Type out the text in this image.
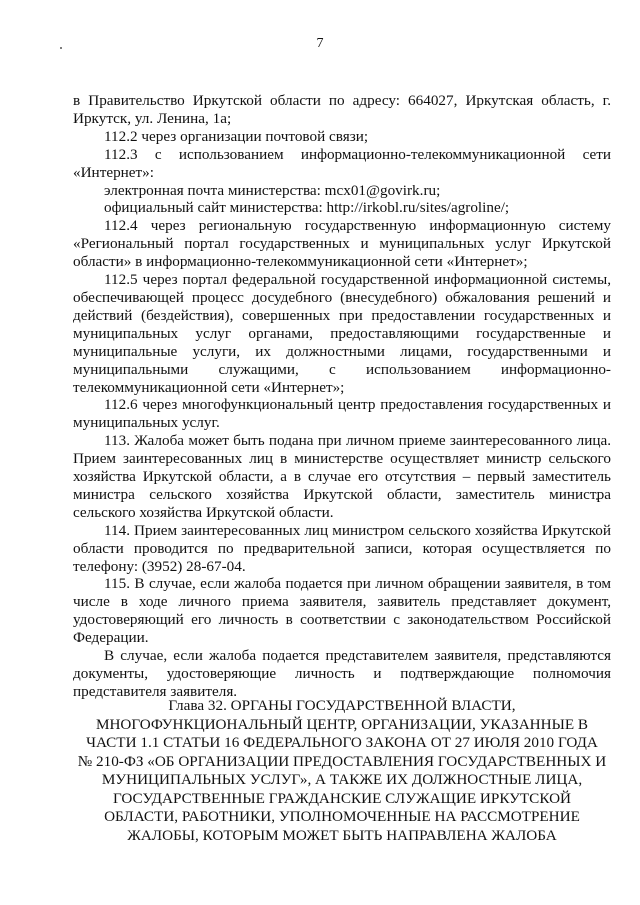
7

в Правительство Иркутской области по адресу: 664027, Иркутская область, г. Иркутск, ул. Ленина, 1а;

112.2 через организации почтовой связи;

112.3 с использованием информационно-телекоммуникационной сети «Интернет»:

электронная почта министерства: mcx01@govirk.ru;

официальный сайт министерства: http://irkobl.ru/sites/agroline/;

112.4 через региональную государственную информационную систему «Региональный портал государственных и муниципальных услуг Иркутской области» в информационно-телекоммуникационной сети «Интернет»;

112.5 через портал федеральной государственной информационной системы, обеспечивающей процесс досудебного (внесудебного) обжалования решений и действий (бездействия), совершенных при предоставлении государственных и муниципальных услуг органами, предоставляющими государственные и муниципальные услуги, их должностными лицами, государственными и муниципальными служащими, с использованием информационно-телекоммуникационной сети «Интернет»;

112.6 через многофункциональный центр предоставления государственных и муниципальных услуг.

113. Жалоба может быть подана при личном приеме заинтересованного лица. Прием заинтересованных лиц в министерстве осуществляет министр сельского хозяйства Иркутской области, а в случае его отсутствия – первый заместитель министра сельского хозяйства Иркутской области, заместитель министра сельского хозяйства Иркутской области.

114. Прием заинтересованных лиц министром сельского хозяйства Иркутской области проводится по предварительной записи, которая осуществляется по телефону: (3952) 28-67-04.

115. В случае, если жалоба подается при личном обращении заявителя, в том числе в ходе личного приема заявителя, заявитель представляет документ, удостоверяющий его личность в соответствии с законодательством Российской Федерации.

В случае, если жалоба подается представителем заявителя, представляются документы, удостоверяющие личность и подтверждающие полномочия представителя заявителя.

Глава 32. ОРГАНЫ ГОСУДАРСТВЕННОЙ ВЛАСТИ,
МНОГОФУНКЦИОНАЛЬНЫЙ ЦЕНТР, ОРГАНИЗАЦИИ, УКАЗАННЫЕ В
ЧАСТИ 1.1 СТАТЬИ 16 ФЕДЕРАЛЬНОГО ЗАКОНА ОТ 27 ИЮЛЯ 2010 ГОДА
№ 210-ФЗ «ОБ ОРГАНИЗАЦИИ ПРЕДОСТАВЛЕНИЯ ГОСУДАРСТВЕННЫХ И
МУНИЦИПАЛЬНЫХ УСЛУГ», А ТАКЖЕ ИХ ДОЛЖНОСТНЫЕ ЛИЦА,
ГОСУДАРСТВЕННЫЕ ГРАЖДАНСКИЕ СЛУЖАЩИЕ ИРКУТСКОЙ
ОБЛАСТИ, РАБОТНИКИ, УПОЛНОМОЧЕННЫЕ НА РАССМОТРЕНИЕ
ЖАЛОБЫ, КОТОРЫМ МОЖЕТ БЫТЬ НАПРАВЛЕНА ЖАЛОБА
